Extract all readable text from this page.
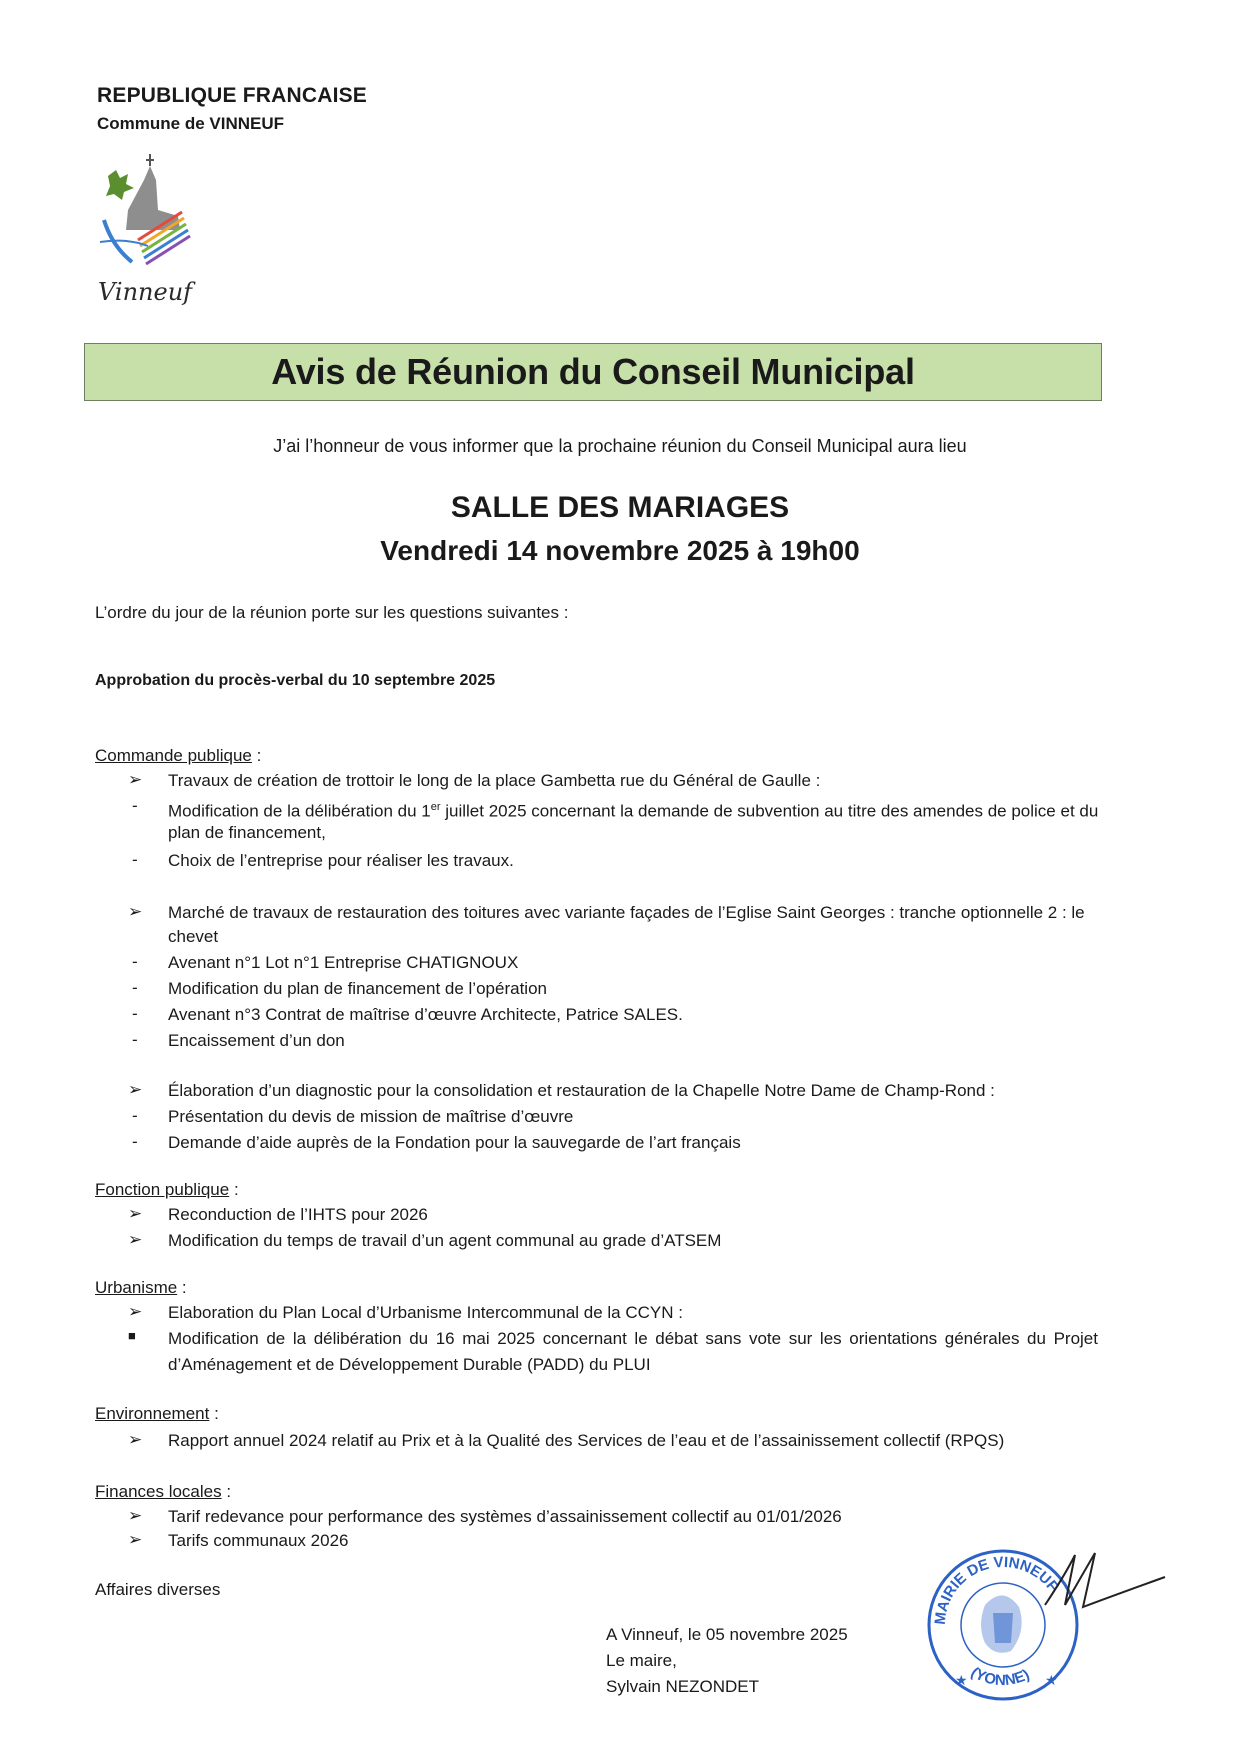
REPUBLIQUE FRANCAISE
Commune de VINNEUF
Vinneuf
Avis de Réunion du Conseil Municipal
J’ai l’honneur de vous informer que la prochaine réunion du Conseil Municipal aura lieu
SALLE DES MARIAGES
Vendredi 14 novembre 2025 à 19h00
L’ordre du jour de la réunion porte sur les questions suivantes :
Approbation du procès-verbal du 10 septembre 2025
Commande publique :
➢ Travaux de création de trottoir le long de la place Gambetta rue du Général de Gaulle :
- Modification de la délibération du 1er juillet 2025 concernant la demande de subvention au titre des amendes de police et du
plan de financement,
- Choix de l’entreprise pour réaliser les travaux.
➢ Marché de travaux de restauration des toitures avec variante façades de l’Eglise Saint Georges : tranche optionnelle 2 : le
chevet
- Avenant n°1 Lot n°1 Entreprise CHATIGNOUX
- Modification du plan de financement de l’opération
- Avenant n°3 Contrat de maîtrise d’œuvre Architecte, Patrice SALES.
- Encaissement d’un don
➢ Élaboration d’un diagnostic pour la consolidation et restauration de la Chapelle Notre Dame de Champ-Rond :
- Présentation du devis de mission de maîtrise d’œuvre
- Demande d’aide auprès de la Fondation pour la sauvegarde de l’art français
Fonction publique :
➢ Reconduction de l’IHTS pour 2026
➢ Modification du temps de travail d’un agent communal au grade d’ATSEM
Urbanisme :
➢ Elaboration du Plan Local d’Urbanisme Intercommunal de la CCYN :
■ Modification de la délibération du 16 mai 2025 concernant le débat sans vote sur les orientations générales du Projet
d’Aménagement et de Développement Durable (PADD) du PLUI
Environnement :
➢ Rapport annuel 2024 relatif au Prix et à la Qualité des Services de l’eau et de l’assainissement collectif (RPQS)
Finances locales :
➢ Tarif redevance pour performance des systèmes d’assainissement collectif au 01/01/2026
➢ Tarifs communaux 2026
Affaires diverses
A Vinneuf, le 05 novembre 2025
Le maire,
Sylvain NEZONDET
MAIRIE DE VINNEUF
(YONNE)
★	★
